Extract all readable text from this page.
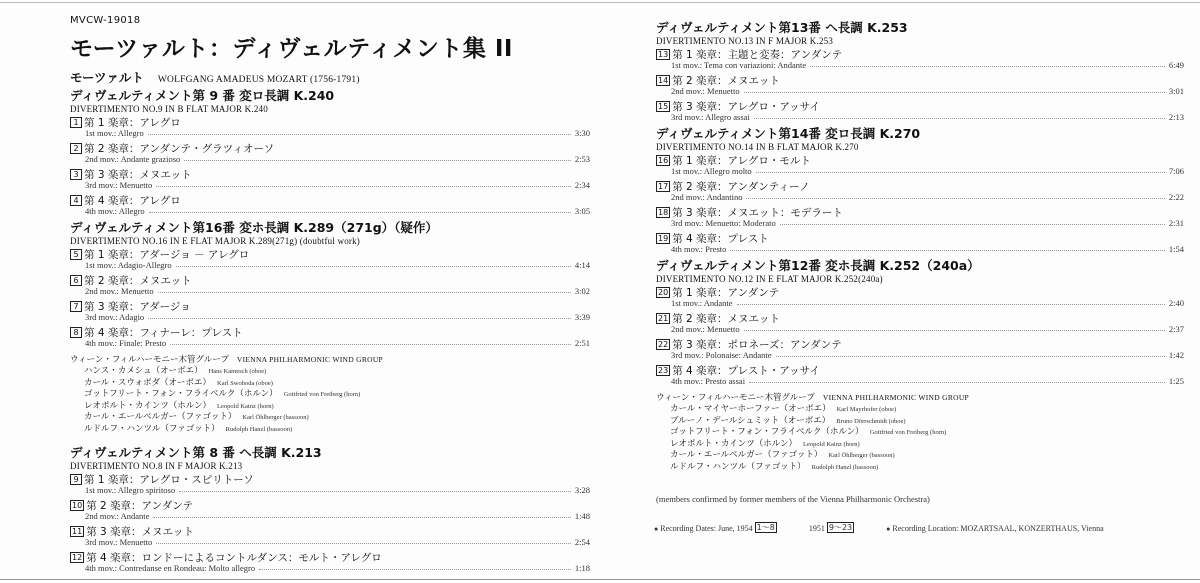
MVCW-19018
モーツァルト：ディヴェルティメント集 II
モーツァルト WOLFGANG AMADEUS MOZART (1756-1791)
ディヴェルティメント第 9 番 変ロ長調 K.240
DIVERTIMENTO NO.9 IN B FLAT MAJOR K.240
1 第 1 楽章：アレグロ
1st mov.: Allegro	3:30
2 第 2 楽章：アンダンテ・グラツィオーソ
2nd mov.: Andante grazioso	2:53
3 第 3 楽章：メヌエット
3rd mov.: Menuetto	2:34
4 第 4 楽章：アレグロ
4th mov.: Allegro	3:05
ディヴェルティメント第16番 変ホ長調 K.289（271g）（疑作）
DIVERTIMENTO NO.16 IN E FLAT MAJOR K.289(271g) (doubtful work)
5 第 1 楽章：アダージョ － アレグロ
1st mov.: Adagio-Allegro	4:14
6 第 2 楽章：メヌエット
2nd mov.: Menuetto	3:02
7 第 3 楽章：アダージョ
3rd mov.: Adagio	3:39
8 第 4 楽章：フィナーレ：プレスト
4th mov.: Finale: Presto	2:51
ウィーン・フィルハーモニー木管グループ VIENNA PHILHARMONIC WIND GROUP
ハンス・カメシュ（オーボエ） Hans Kamesch (oboe)
カール・スウォボダ（オーボエ） Karl Swoboda (oboe)
ゴットフリート・フォン・フライベルク（ホルン） Gottfried von Freiberg (horn)
レオポルト・カインツ（ホルン） Leopold Kainz (horn)
カール・エールベルガー（ファゴット） Karl Öhlberger (bassoon)
ルドルフ・ハンツル（ファゴット） Rudolph Hanzl (bassoon)
ディヴェルティメント第 8 番 ヘ長調 K.213
DIVERTIMENTO NO.8 IN F MAJOR K.213
9 第 1 楽章：アレグロ・スピリトーソ
1st mov.: Allegro spiritoso	3:28
10 第 2 楽章：アンダンテ
2nd mov.: Andante	1:48
11 第 3 楽章：メヌエット
3rd mov.: Menuetto	2:54
12 第 4 楽章：ロンドーによるコントルダンス：モルト・アレグロ
4th mov.: Contredanse en Rondeau: Molto allegro	1:18
ディヴェルティメント第13番 ヘ長調 K.253
DIVERTIMENTO NO.13 IN F MAJOR K.253
13 第 1 楽章：主題と変奏：アンダンテ
1st mov.: Tema con variazioni: Andante	6:49
14 第 2 楽章：メヌエット
2nd mov.: Menuetto	3:01
15 第 3 楽章：アレグロ・アッサイ
3rd mov.: Allegro assai	2:13
ディヴェルティメント第14番 変ロ長調 K.270
DIVERTIMENTO NO.14 IN B FLAT MAJOR K.270
16 第 1 楽章：アレグロ・モルト
1st mov.: Allegro molto	7:06
17 第 2 楽章：アンダンティーノ
2nd mov.: Andantino	2:22
18 第 3 楽章：メヌエット：モデラート
3rd mov.: Menuetto: Moderato	2:31
19 第 4 楽章：プレスト
4th mov.: Presto	1:54
ディヴェルティメント第12番 変ホ長調 K.252（240a）
DIVERTIMENTO NO.12 IN E FLAT MAJOR K.252(240a)
20 第 1 楽章：アンダンテ
1st mov.: Andante	2:40
21 第 2 楽章：メヌエット
2nd mov.: Menuetto	2:37
22 第 3 楽章：ポロネーズ：アンダンテ
3rd mov.: Polonaise: Andante	1:42
23 第 4 楽章：プレスト・アッサイ
4th mov.: Presto assai	1:25
ウィーン・フィルハーモニー木管グループ VIENNA PHILHARMONIC WIND GROUP
カール・マイヤーホーファー（オーボエ） Karl Mayrhofer (oboe)
ブルーノ・デールシュミット（オーボエ） Bruno Dörrschmidt (oboe)
ゴットフリート・フォン・フライベルク（ホルン） Gottfried von Freiberg (horn)
レオポルト・カインツ（ホルン） Leopold Kainz (horn)
カール・エールベルガー（ファゴット） Karl Öhlberger (bassoon)
ルドルフ・ハンツル（ファゴット） Rudolph Hanzl (bassoon)
(members confirmed by former members of the Vienna Philharmonic Orchestra)
● Recording Dates: June, 1954 1～8	1951 9～23	● Recording Location: MOZARTSAAL, KONZERTHAUS, Vienna
